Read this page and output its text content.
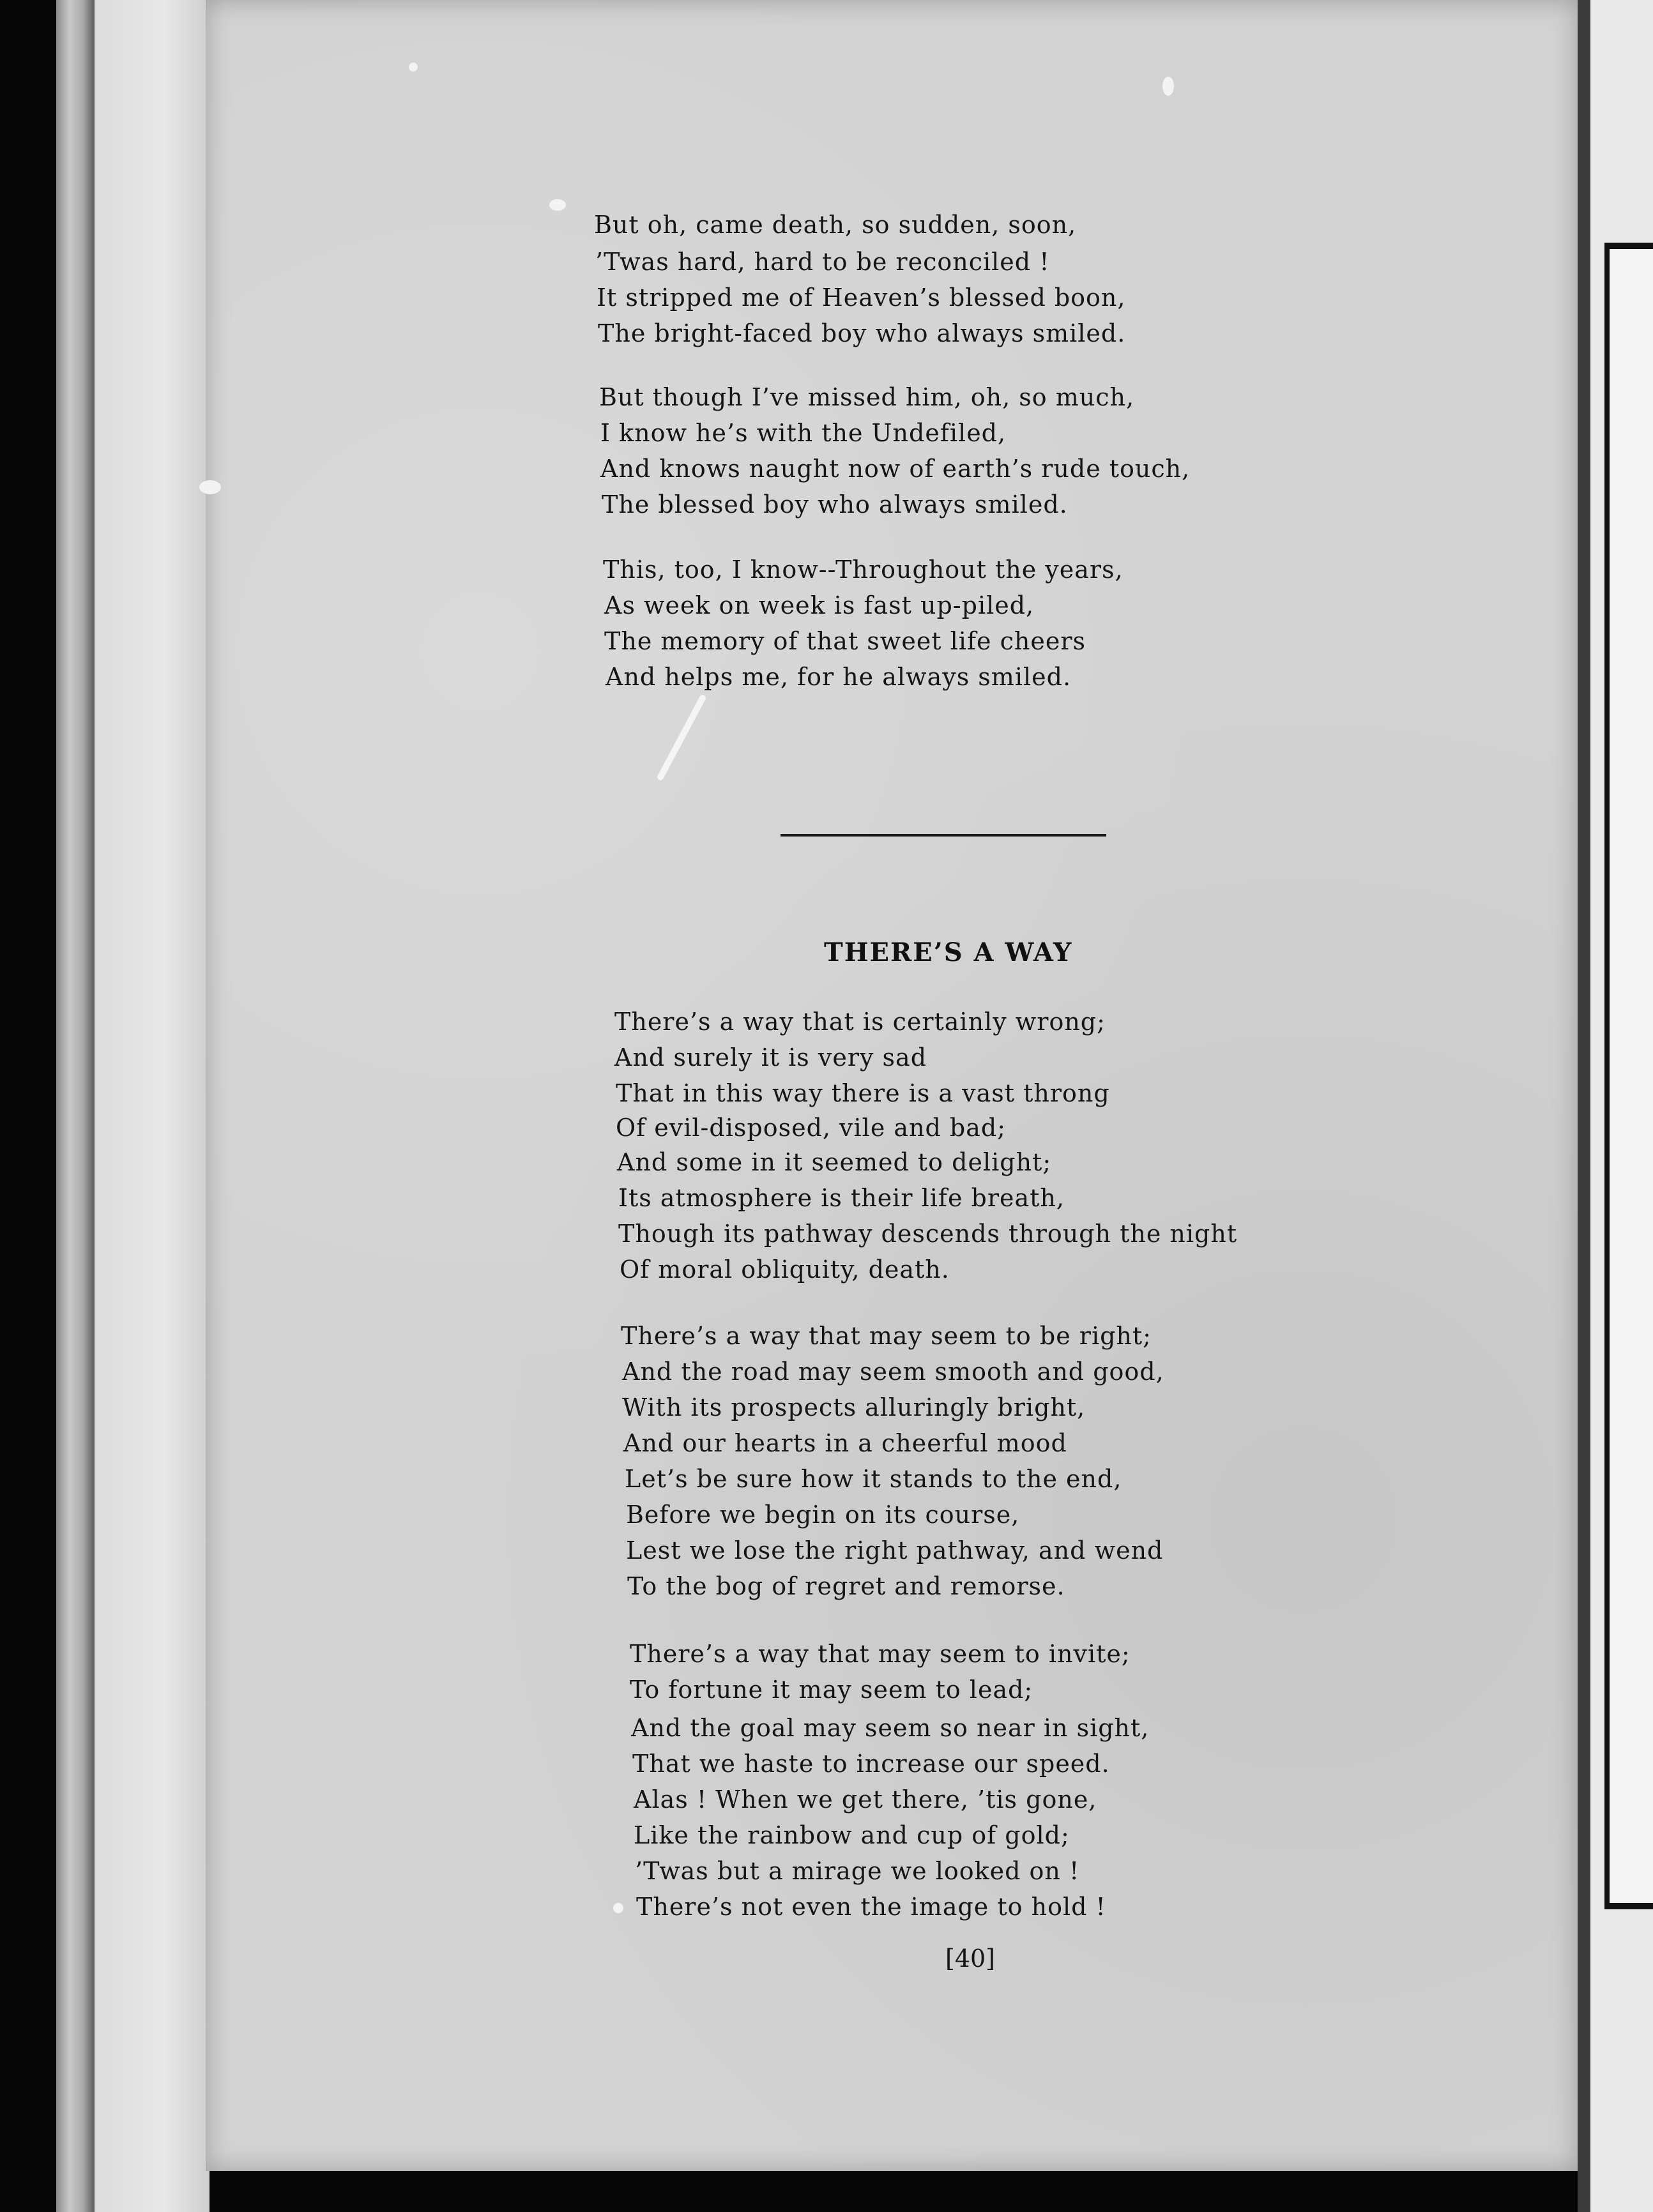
But oh, came death, so sudden, soon,
’Twas hard, hard to be reconciled !
It stripped me of Heaven’s blessed boon,
The bright-faced boy who always smiled.
But though I’ve missed him, oh, so much,
I know he’s with the Undefiled,
And knows naught now of earth’s rude touch,
The blessed boy who always smiled.
This, too, I know--Throughout the years,
As week on week is fast up-piled,
The memory of that sweet life cheers
And helps me, for he always smiled.
THERE’S A WAY
There’s a way that is certainly wrong;
And surely it is very sad
That in this way there is a vast throng
Of evil-disposed, vile and bad;
And some in it seemed to delight;
Its atmosphere is their life breath,
Though its pathway descends through the night
Of moral obliquity, death.
There’s a way that may seem to be right;
And the road may seem smooth and good,
With its prospects alluringly bright,
And our hearts in a cheerful mood
Let’s be sure how it stands to the end,
Before we begin on its course,
Lest we lose the right pathway, and wend
To the bog of regret and remorse.
There’s a way that may seem to invite;
To fortune it may seem to lead;
And the goal may seem so near in sight,
That we haste to increase our speed.
Alas ! When we get there, ’tis gone,
Like the rainbow and cup of gold;
’Twas but a mirage we looked on !
There’s not even the image to hold !
[40]
